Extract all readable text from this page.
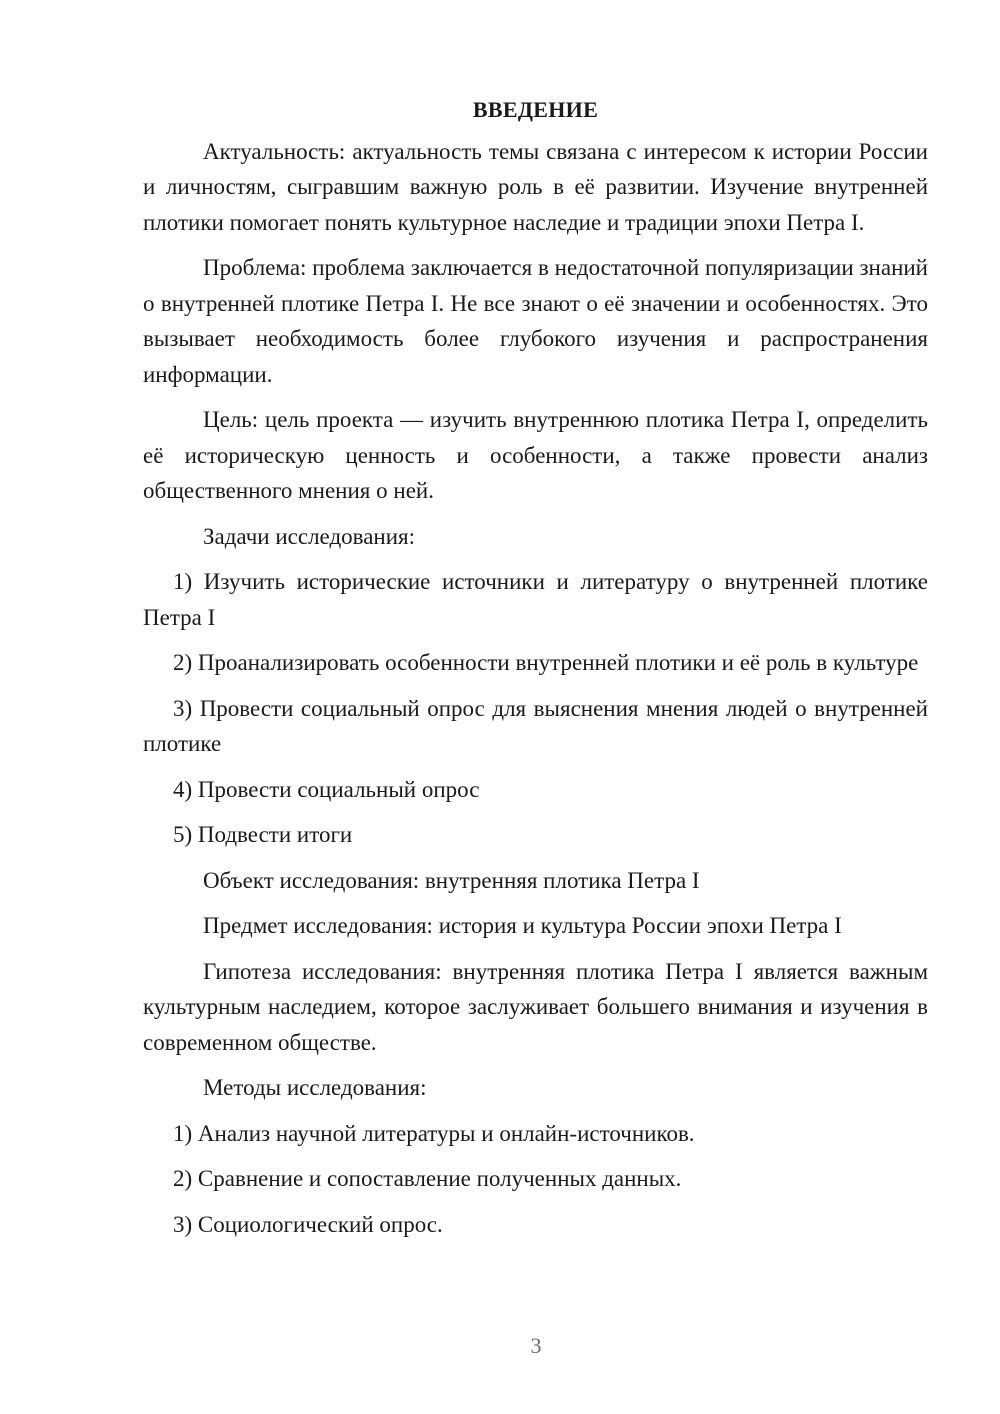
ВВЕДЕНИЕ

Актуальность: актуальность темы связана с интересом к истории России и личностям, сыгравшим важную роль в её развитии. Изучение внутренней плотики помогает понять культурное наследие и традиции эпохи Петра I.

Проблема: проблема заключается в недостаточной популяризации знаний о внутренней плотике Петра I. Не все знают о её значении и особенностях. Это вызывает необходимость более глубокого изучения и распространения информации.

Цель: цель проекта — изучить внутреннюю плотика Петра I, определить её историческую ценность и особенности, а также провести анализ общественного мнения о ней.

Задачи исследования:

1) Изучить исторические источники и литературу о внутренней плотике Петра I

2) Проанализировать особенности внутренней плотики и её роль в культуре

3) Провести социальный опрос для выяснения мнения людей о внутренней плотике

4) Провести социальный опрос

5) Подвести итоги

Объект исследования: внутренняя плотика Петра I

Предмет исследования: история и культура России эпохи Петра I

Гипотеза исследования: внутренняя плотика Петра I является важным культурным наследием, которое заслуживает большего внимания и изучения в современном обществе.

Методы исследования:

1) Анализ научной литературы и онлайн-источников.

2) Сравнение и сопоставление полученных данных.

3) Социологический опрос.

3
